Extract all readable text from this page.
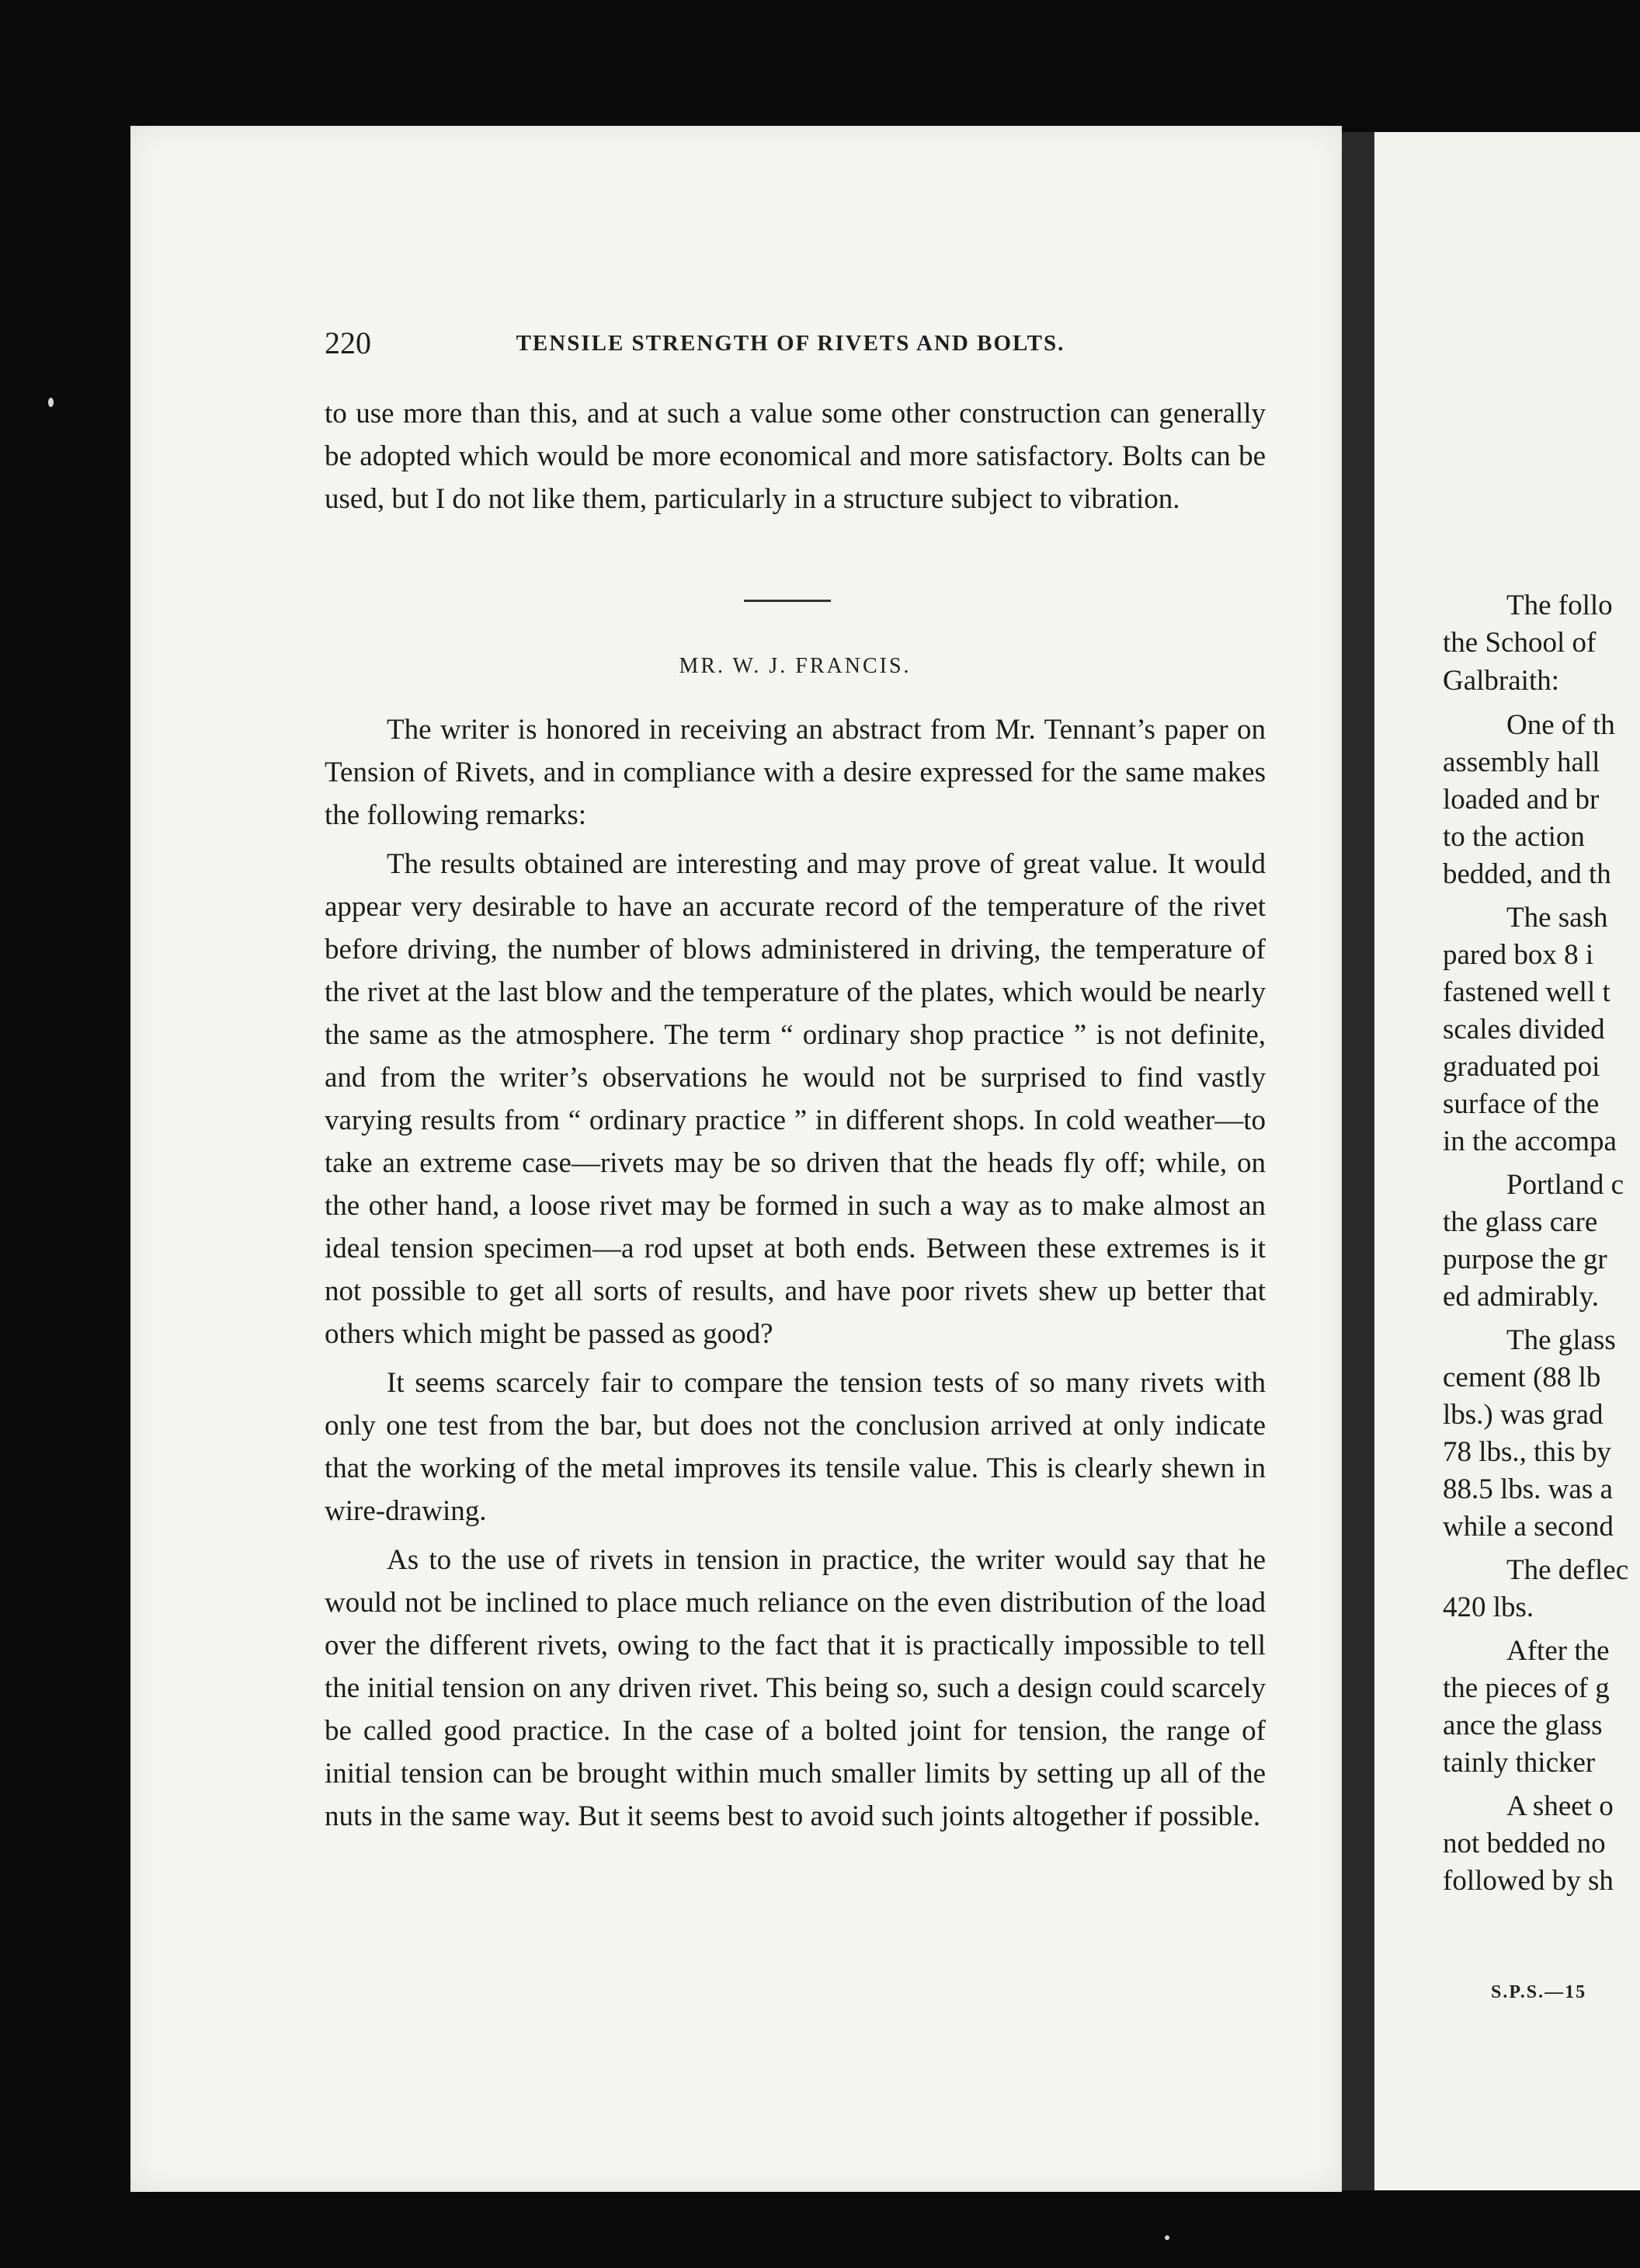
220	TENSILE STRENGTH OF RIVETS AND BOLTS.

to use more than this, and at such a value some other construction can generally be adopted which would be more economical and more satisfactory. Bolts can be used, but I do not like them, particularly in a structure subject to vibration.

MR. W. J. FRANCIS.

The writer is honored in receiving an abstract from Mr. Tennant’s paper on Tension of Rivets, and in compliance with a desire expressed for the same makes the following remarks:

The results obtained are interesting and may prove of great value. It would appear very desirable to have an accurate record of the temperature of the rivet before driving, the number of blows administered in driving, the temperature of the rivet at the last blow and the temperature of the plates, which would be nearly the same as the atmosphere. The term “ ordinary shop practice ” is not definite, and from the writer’s observations he would not be surprised to find vastly varying results from “ ordinary practice ” in different shops. In cold weather—to take an extreme case—rivets may be so driven that the heads fly off; while, on the other hand, a loose rivet may be formed in such a way as to make almost an ideal tension specimen—a rod upset at both ends. Between these extremes is it not possible to get all sorts of results, and have poor rivets shew up better that others which might be passed as good?

It seems scarcely fair to compare the tension tests of so many rivets with only one test from the bar, but does not the conclusion arrived at only indicate that the working of the metal improves its tensile value. This is clearly shewn in wire-drawing.

As to the use of rivets in tension in practice, the writer would say that he would not be inclined to place much reliance on the even distribution of the load over the different rivets, owing to the fact that it is practically impossible to tell the initial tension on any driven rivet. This being so, such a design could scarcely be called good practice. In the case of a bolted joint for tension, the range of initial tension can be brought within much smaller limits by setting up all of the nuts in the same way. But it seems best to avoid such joints altogether if possible.

The follo
the School of
Galbraith:
One of th
assembly hall
loaded and br
to the action
bedded, and th
The sash
pared box 8 i
fastened well t
scales divided
graduated poi
surface of the
in the accompa
Portland c
the glass care
purpose the gr
ed admirably.
The glass
cement (88 lb
lbs.) was grad
78 lbs., this by
88.5 lbs. was a
while a second
The deflec
420 lbs.
After the
the pieces of g
ance the glass
tainly thicker
A sheet o
not bedded no
followed by sh
S.P.S.—15
